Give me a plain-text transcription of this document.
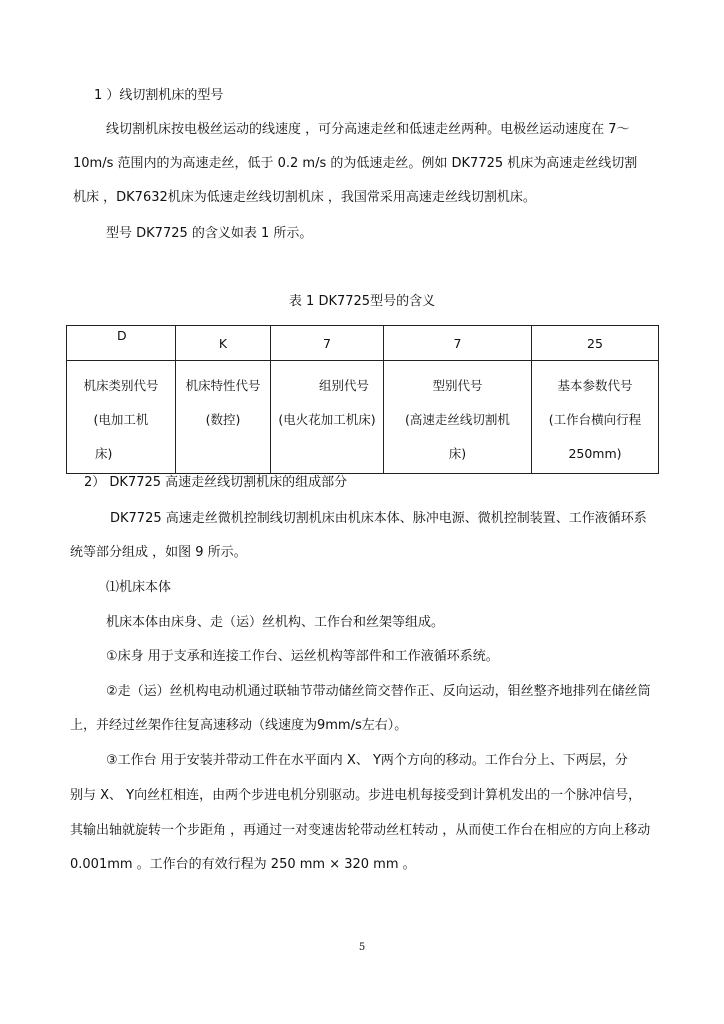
1 ）线切割机床的型号
线切割机床按电极丝运动的线速度 ，可分高速走丝和低速走丝两种。电极丝运动速度在 7～
10m/s 范围内的为高速走丝，低于 0.2 m/s 的为低速走丝。例如 DK7725 机床为高速走丝线切割
机床 ，DK7632机床为低速走丝线切割机床 ，我国常采用高速走丝线切割机床。
型号 DK7725 的含义如表 1 所示。
表 1 DK7725型号的含义
D	K	7	7	25

机床类别代号
(电加工机
床)	机床特性代号
(数控)	组别代号
(电火花加工机床)	型别代号
(高速走丝线切割机
床)	基本参数代号
(工作台横向行程
250mm)
2） DK7725 高速走丝线切割机床的组成部分
DK7725 高速走丝微机控制线切割机床由机床本体、脉冲电源、微机控制装置、工作液循环系
统等部分组成 ，如图 9 所示。
⑴机床本体
机床本体由床身、走（运）丝机构、工作台和丝架等组成。
①床身 用于支承和连接工作台、运丝机构等部件和工作液循环系统。
②走（运）丝机构电动机通过联轴节带动储丝筒交替作正、反向运动，钼丝整齐地排列在储丝筒
上，并经过丝架作往复高速移动（线速度为9mm/s左右）。
③工作台 用于安装并带动工件在水平面内 X、 Y两个方向的移动。工作台分上、下两层，分
别与 X、 Y向丝杠相连，由两个步进电机分别驱动。步进电机每接受到计算机发出的一个脉冲信号，
其输出轴就旋转一个步距角 ，再通过一对变速齿轮带动丝杠转动 ，从而使工作台在相应的方向上移动
0.001mm 。工作台的有效行程为 250 mm × 320 mm 。
5
